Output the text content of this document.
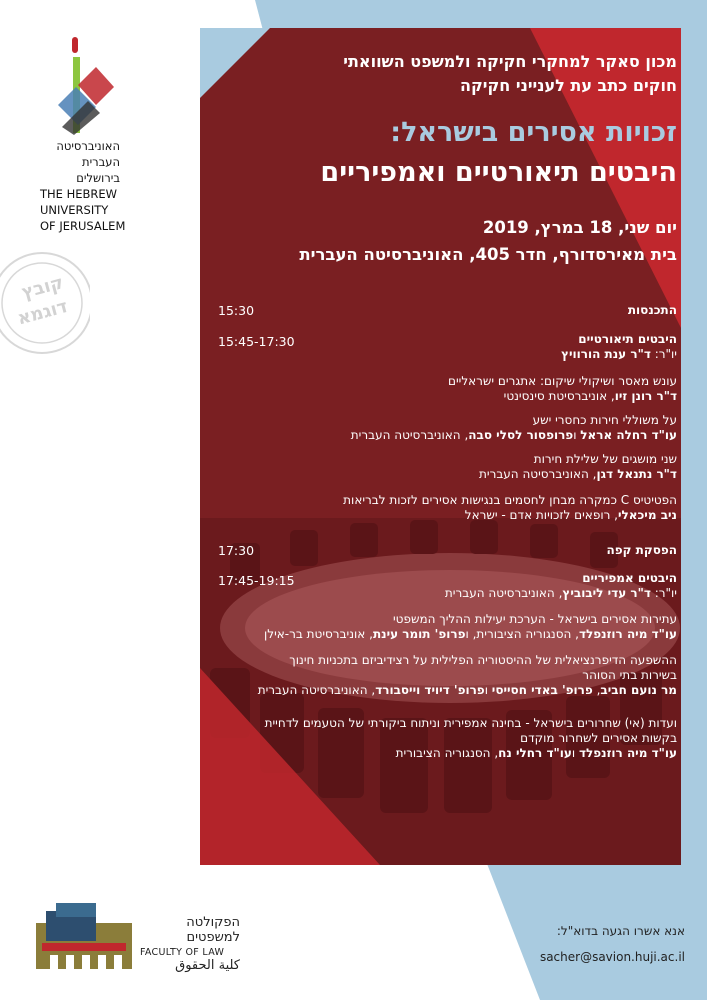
מכון סאקר למחקרי חקיקה ולמשפט השוואתי
חוקים כתב עת לענייני חקיקה
זכויות אסירים בישראל:
היבטים תיאורטיים ואמפיריים
יום שני, 18 במרץ, 2019
בית מאירסדורף, חדר 405, האוניברסיטה העברית
15:30	התכנסות
15:45-17:30	היבטים תיאורטיים
יו"ר: ד"ר ענת הורוויץ
עונש מאסר ושיקולי שיקום: אתגרים ישראליים
ד"ר רונן זיו, אוניברסיטת סינסינטי
על משוללי חירות כחסרי ישע
עו"ד רחלה אראל ופרופסור לסלי סבה, האוניברסיטה העברית
שני מושגים של שלילת חירות
ד"ר נתנאל דגן, האוניברסיטה העברית
הפטיטיס C כמקרה מבחן לחסמים בנגישות אסירים לזכות לבריאות
ניב מיכאלי, רופאים לזכויות אדם - ישראל
17:30	הפסקת קפה
17:45-19:15	היבטים אמפיריים
יו"ר: ד"ר עדי ליבוביץ, האוניברסיטה העברית
עתירות אסירים בישראל - הערכת יעילות ההליך המשפטי
עו"ד מיה רוזנפלד, הסנגוריה הציבורית, ופרופ' תומר עינת, אוניברסיטת בר-אילן
ההשפעה הדיפרנציאלית של ההיסטוריה הפלילית על רצידיביזם בתכניות חינוך בשירות בתי הסוהר
מר נועם חביב, פרופ' באדי חסייסי ופרופ' דיויד וייסבורד, האוניברסיטה העברית
ועדות (אי) שחרורים בישראל - בחינה אמפירית וניתוח ביקורתי של הטעמים לדחיית בקשות אסירים לשחרור מוקדם
עו"ד מיה רוזנפלד ועו"ד רחלי נח, הסנגוריה הציבורית
האוניברסיטה
העברית
בירושלים
THE HEBREW
UNIVERSITY
OF JERUSALEM
קובץ
דוגמא
הפקולטה למשפטים
FACULTY OF LAW
كلية الحقوق
אנא אשרו הגעה בדוא"ל:
sacher@savion.huji.ac.il
